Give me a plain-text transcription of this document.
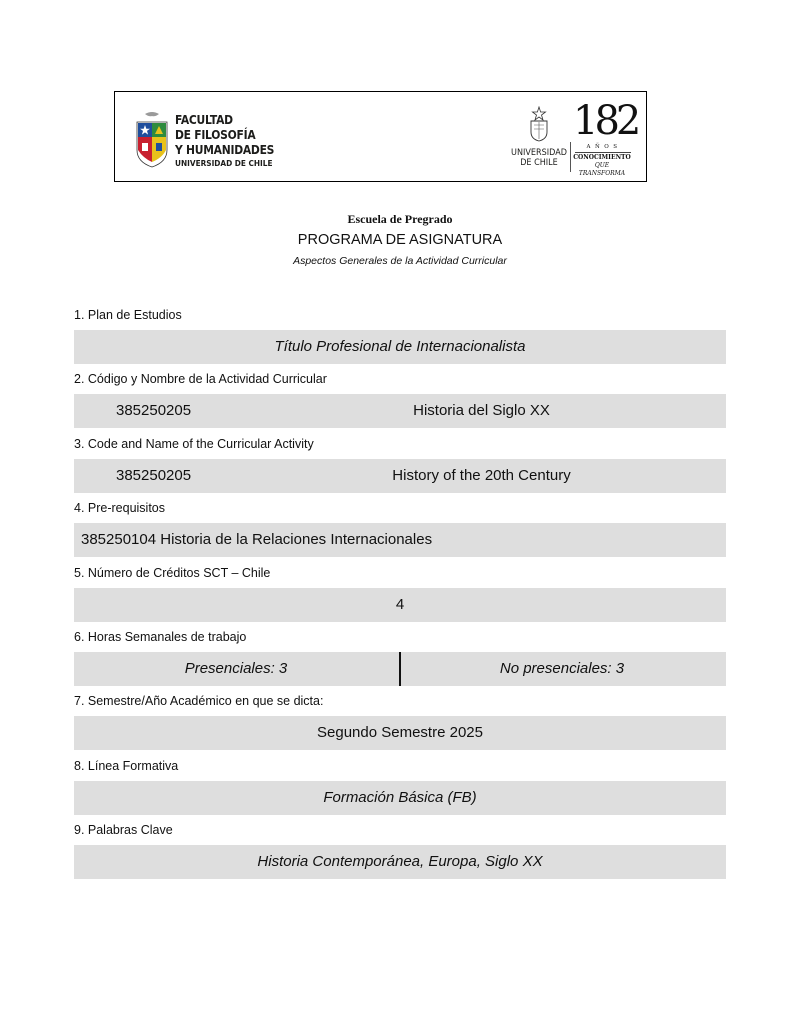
FACULTAD
DE FILOSOFÍA
Y HUMANIDADES
UNIVERSIDAD DE CHILE
UNIVERSIDAD
DE CHILE
182
AÑOS
CONOCIMIENTO
QUE TRANSFORMA
Escuela de Pregrado
PROGRAMA DE ASIGNATURA
Aspectos Generales de la Actividad Curricular
1. Plan de Estudios
Título Profesional de Internacionalista
2. Código y Nombre de la Actividad Curricular
385250205	Historia del Siglo XX
3. Code and Name of the Curricular Activity
385250205	History of the 20th Century
4. Pre-requisitos
385250104 Historia de la Relaciones Internacionales
5. Número de Créditos SCT – Chile
4
6. Horas Semanales de trabajo
Presenciales: 3	No presenciales: 3
7. Semestre/Año Académico en que se dicta:
Segundo Semestre 2025
8. Línea Formativa
Formación Básica (FB)
9. Palabras Clave
Historia Contemporánea, Europa, Siglo XX
